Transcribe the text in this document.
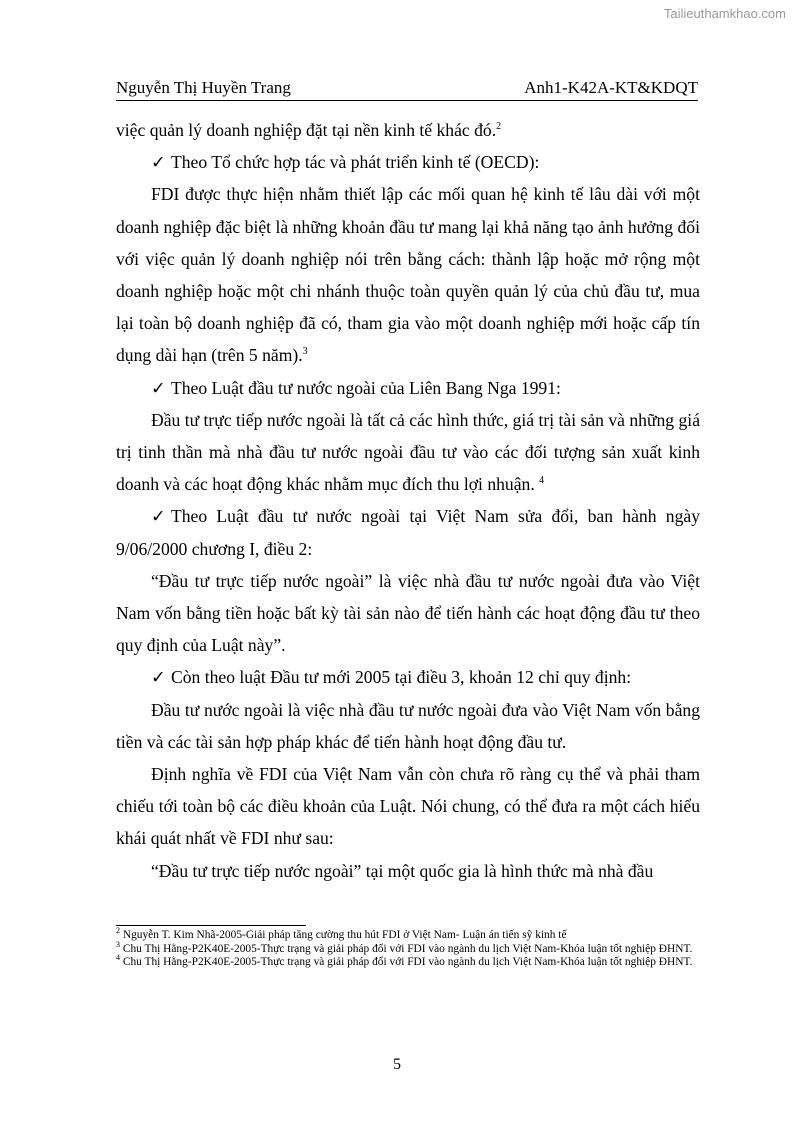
Tailieuthamkhao.com
Nguyễn Thị Huyền Trang	Anh1-K42A-KT&KDQT

việc quản lý doanh nghiệp đặt tại nền kinh tế khác đó.$^2$

✓ Theo Tổ chức hợp tác và phát triển kinh tế (OECD):

FDI được thực hiện nhằm thiết lập các mối quan hệ kinh tế lâu dài với một doanh nghiệp đặc biệt là những khoản đầu tư mang lại khả năng tạo ảnh hưởng đối với việc quản lý doanh nghiệp nói trên bằng cách: thành lập hoặc mở rộng một doanh nghiệp hoặc một chi nhánh thuộc toàn quyền quản lý của chủ đầu tư, mua lại toàn bộ doanh nghiệp đã có, tham gia vào một doanh nghiệp mới hoặc cấp tín dụng dài hạn (trên 5 năm).$^3$

✓ Theo Luật đầu tư nước ngoài của Liên Bang Nga 1991:

Đầu tư trực tiếp nước ngoài là tất cả các hình thức, giá trị tài sản và những giá trị tinh thần mà nhà đầu tư nước ngoài đầu tư vào các đối tượng sản xuất kinh doanh và các hoạt động khác nhằm mục đích thu lợi nhuận. $^4$

✓ Theo Luật đầu tư nước ngoài tại Việt Nam sửa đổi, ban hành ngày 9/06/2000 chương I, điều 2:

“Đầu tư trực tiếp nước ngoài” là việc nhà đầu tư nước ngoài đưa vào Việt Nam vốn bằng tiền hoặc bất kỳ tài sản nào để tiến hành các hoạt động đầu tư theo quy định của Luật này”.

✓ Còn theo luật Đầu tư mới 2005 tại điều 3, khoản 12 chỉ quy định:

Đầu tư nước ngoài là việc nhà đầu tư nước ngoài đưa vào Việt Nam vốn bằng tiền và các tài sản hợp pháp khác để tiến hành hoạt động đầu tư.

Định nghĩa về FDI của Việt Nam vẫn còn chưa rõ ràng cụ thể và phải tham chiếu tới toàn bộ các điều khoản của Luật. Nói chung, có thể đưa ra một cách hiểu khái quát nhất về FDI như sau:

“Đầu tư trực tiếp nước ngoài” tại một quốc gia là hình thức mà nhà đầu

$^2$ Nguyễn T. Kim Nhã-2005-Giải pháp tăng cường thu hút FDI ở Việt Nam- Luận án tiến sỹ kinh tế

$^3$ Chu Thị Hằng-P2K40E-2005-Thực trạng và giải pháp đối với FDI vào ngành du lịch Việt Nam-Khóa luận tốt nghiệp ĐHNT.

$^4$ Chu Thị Hằng-P2K40E-2005-Thực trạng và giải pháp đối với FDI vào ngành du lịch Việt Nam-Khóa luận tốt nghiệp ĐHNT.

5
